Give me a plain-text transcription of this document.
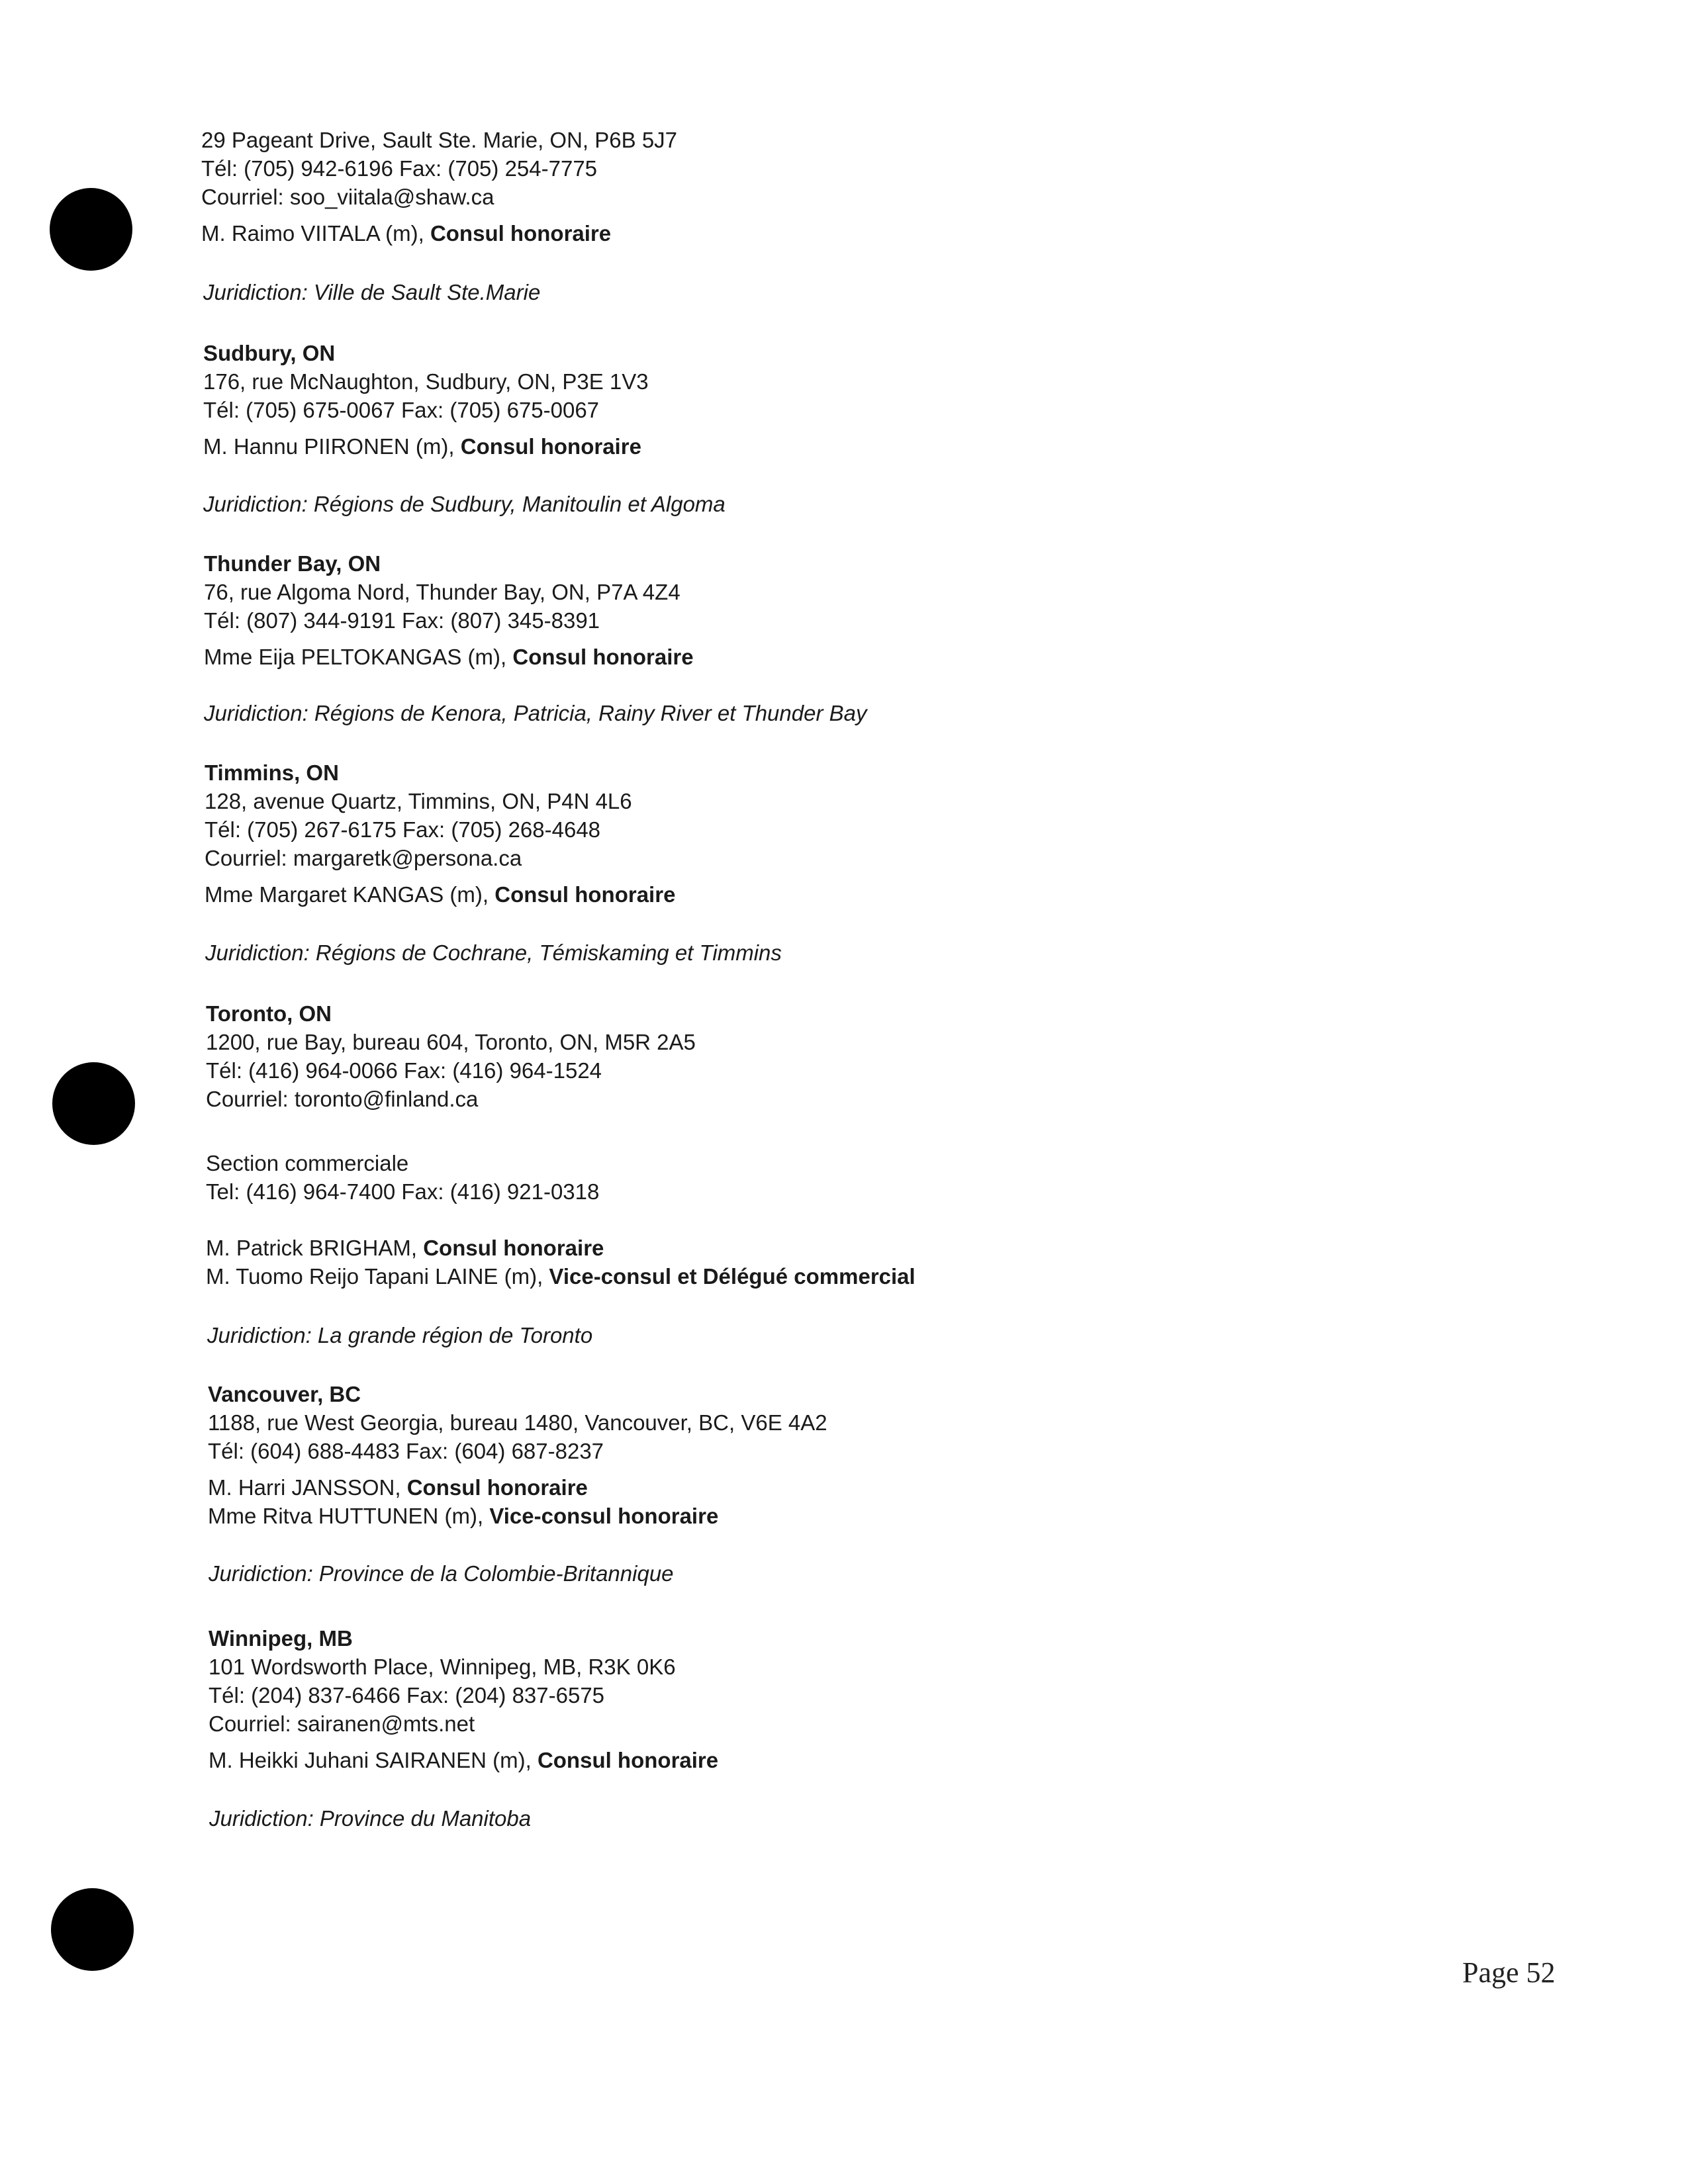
29 Pageant Drive, Sault Ste. Marie, ON, P6B 5J7
Tél: (705) 942-6196 Fax: (705) 254-7775
Courriel: soo_viitala@shaw.ca
M. Raimo VIITALA (m), Consul honoraire
Juridiction: Ville de Sault Ste.Marie
Sudbury, ON
176, rue McNaughton, Sudbury, ON, P3E 1V3
Tél: (705) 675-0067 Fax: (705) 675-0067
M. Hannu PIIRONEN (m), Consul honoraire
Juridiction: Régions de Sudbury, Manitoulin et Algoma
Thunder Bay, ON
76, rue Algoma Nord, Thunder Bay, ON, P7A 4Z4
Tél: (807) 344-9191 Fax: (807) 345-8391
Mme Eija PELTOKANGAS (m), Consul honoraire
Juridiction: Régions de Kenora, Patricia, Rainy River et Thunder Bay
Timmins, ON
128, avenue Quartz, Timmins, ON, P4N 4L6
Tél: (705) 267-6175 Fax: (705) 268-4648
Courriel: margaretk@persona.ca
Mme Margaret KANGAS (m), Consul honoraire
Juridiction: Régions de Cochrane, Témiskaming et Timmins
Toronto, ON
1200, rue Bay, bureau 604, Toronto, ON, M5R 2A5
Tél: (416) 964-0066 Fax: (416) 964-1524
Courriel: toronto@finland.ca
Section commerciale
Tel: (416) 964-7400 Fax: (416) 921-0318
M. Patrick BRIGHAM, Consul honoraire
M. Tuomo Reijo Tapani LAINE (m), Vice-consul et Délégué commercial
Juridiction: La grande région de Toronto
Vancouver, BC
1188, rue West Georgia, bureau 1480, Vancouver, BC, V6E 4A2
Tél: (604) 688-4483 Fax: (604) 687-8237
M. Harri JANSSON, Consul honoraire
Mme Ritva HUTTUNEN (m), Vice-consul honoraire
Juridiction: Province de la Colombie-Britannique
Winnipeg, MB
101 Wordsworth Place, Winnipeg, MB, R3K 0K6
Tél: (204) 837-6466 Fax: (204) 837-6575
Courriel: sairanen@mts.net
M. Heikki Juhani SAIRANEN (m), Consul honoraire
Juridiction: Province du Manitoba
Page 52
